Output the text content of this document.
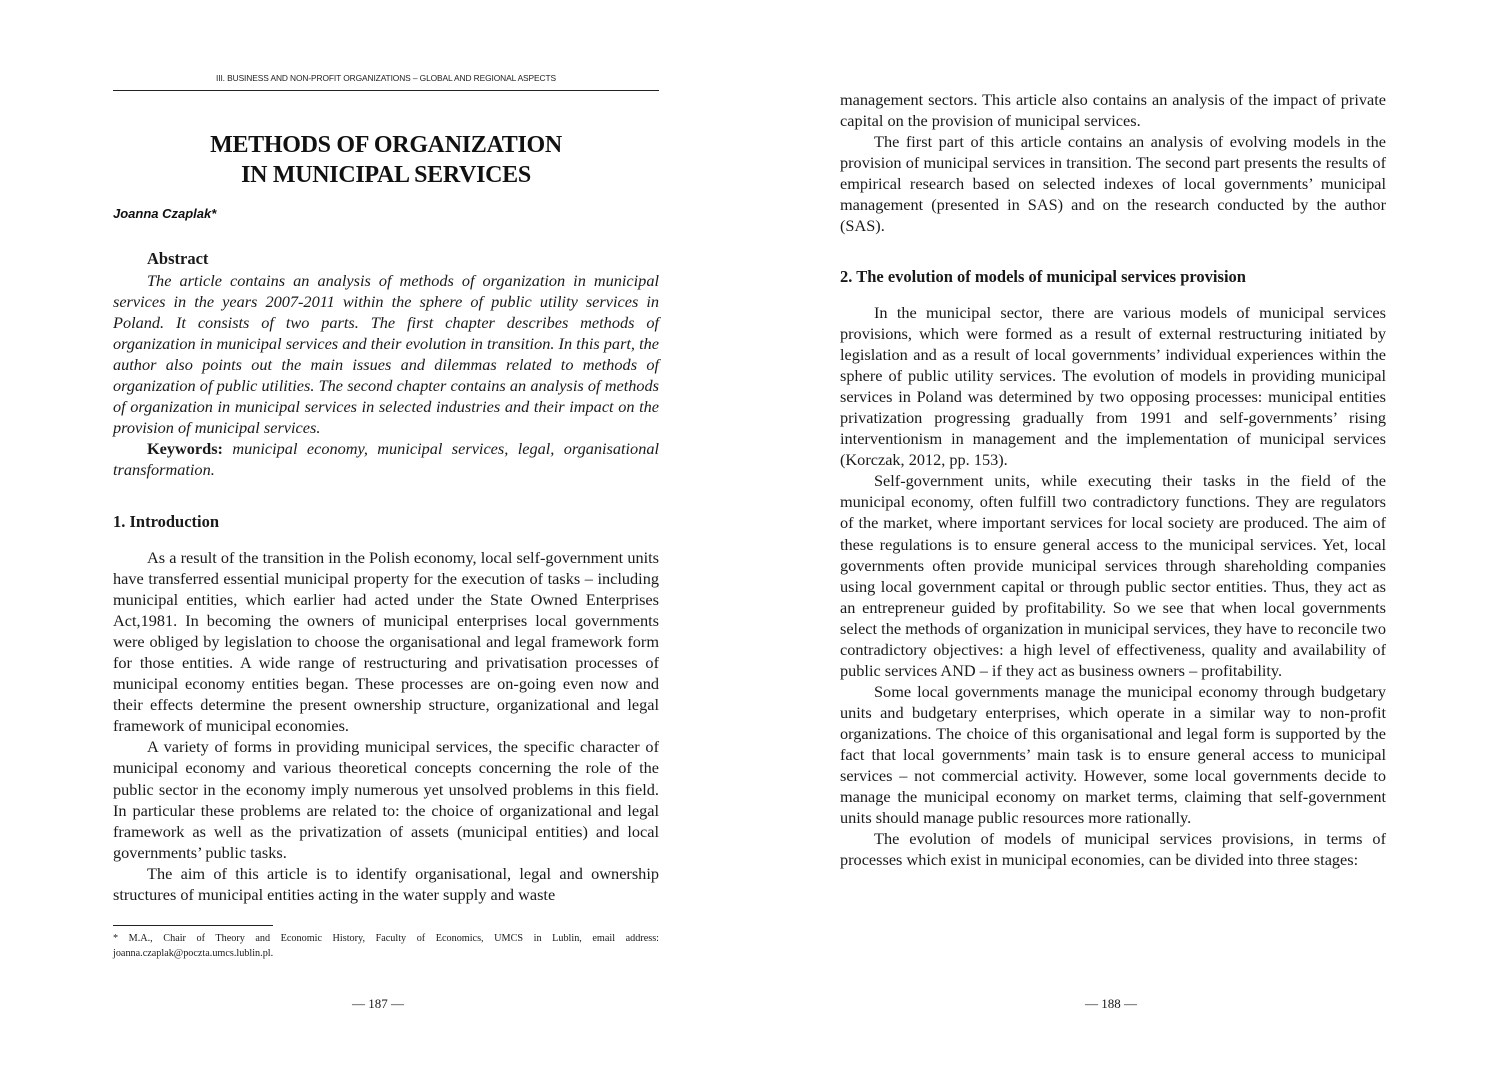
III. BUSINESS AND NON-PROFIT ORGANIZATIONS – GLOBAL AND REGIONAL ASPECTS
METHODS OF ORGANIZATION
IN MUNICIPAL SERVICES
Joanna Czaplak*
Abstract

The article contains an analysis of methods of organization in municipal services in the years 2007-2011 within the sphere of public utility services in Poland. It consists of two parts. The first chapter describes methods of organization in municipal services and their evolution in transition. In this part, the author also points out the main issues and dilemmas related to methods of organization of public utilities. The second chapter contains an analysis of methods of organization in municipal services in selected industries and their impact on the provision of municipal services.

Keywords: municipal economy, municipal services, legal, organisational transformation.

1. Introduction

As a result of the transition in the Polish economy, local self-government units have transferred essential municipal property for the execution of tasks – including municipal entities, which earlier had acted under the State Owned Enterprises Act,1981. In becoming the owners of municipal enterprises local governments were obliged by legislation to choose the organisational and legal framework form for those entities. A wide range of restructuring and privatisation processes of municipal economy entities began. These processes are on-going even now and their effects determine the present ownership structure, organizational and legal framework of municipal economies.

A variety of forms in providing municipal services, the specific character of municipal economy and various theoretical concepts concerning the role of the public sector in the economy imply numerous yet unsolved problems in this field. In particular these problems are related to: the choice of organizational and legal framework as well as the privatization of assets (municipal entities) and local governments’ public tasks.

The aim of this article is to identify organisational, legal and ownership structures of municipal entities acting in the water supply and waste

* M.A., Chair of Theory and Economic History, Faculty of Economics, UMCS in Lublin, email address: joanna.czaplak@poczta.umcs.lublin.pl.
— 187 —

management sectors. This article also contains an analysis of the impact of private capital on the provision of municipal services.

The first part of this article contains an analysis of evolving models in the provision of municipal services in transition. The second part presents the results of empirical research based on selected indexes of local governments’ municipal management (presented in SAS) and on the research conducted by the author (SAS).

2. The evolution of models of municipal services provision

In the municipal sector, there are various models of municipal services provisions, which were formed as a result of external restructuring initiated by legislation and as a result of local governments’ individual experiences within the sphere of public utility services. The evolution of models in providing municipal services in Poland was determined by two opposing processes: municipal entities privatization progressing gradually from 1991 and self-governments’ rising interventionism in management and the implementation of municipal services (Korczak, 2012, pp. 153).

Self-government units, while executing their tasks in the field of the municipal economy, often fulfill two contradictory functions. They are regulators of the market, where important services for local society are produced. The aim of these regulations is to ensure general access to the municipal services. Yet, local governments often provide municipal services through shareholding companies using local government capital or through public sector entities. Thus, they act as an entrepreneur guided by profitability. So we see that when local governments select the methods of organization in municipal services, they have to reconcile two contradictory objectives: a high level of effectiveness, quality and availability of public services AND – if they act as business owners – profitability.

Some local governments manage the municipal economy through budgetary units and budgetary enterprises, which operate in a similar way to non-profit organizations. The choice of this organisational and legal form is supported by the fact that local governments’ main task is to ensure general access to municipal services – not commercial activity. However, some local governments decide to manage the municipal economy on market terms, claiming that self-government units should manage public resources more rationally.

The evolution of models of municipal services provisions, in terms of processes which exist in municipal economies, can be divided into three stages:

— 188 —
